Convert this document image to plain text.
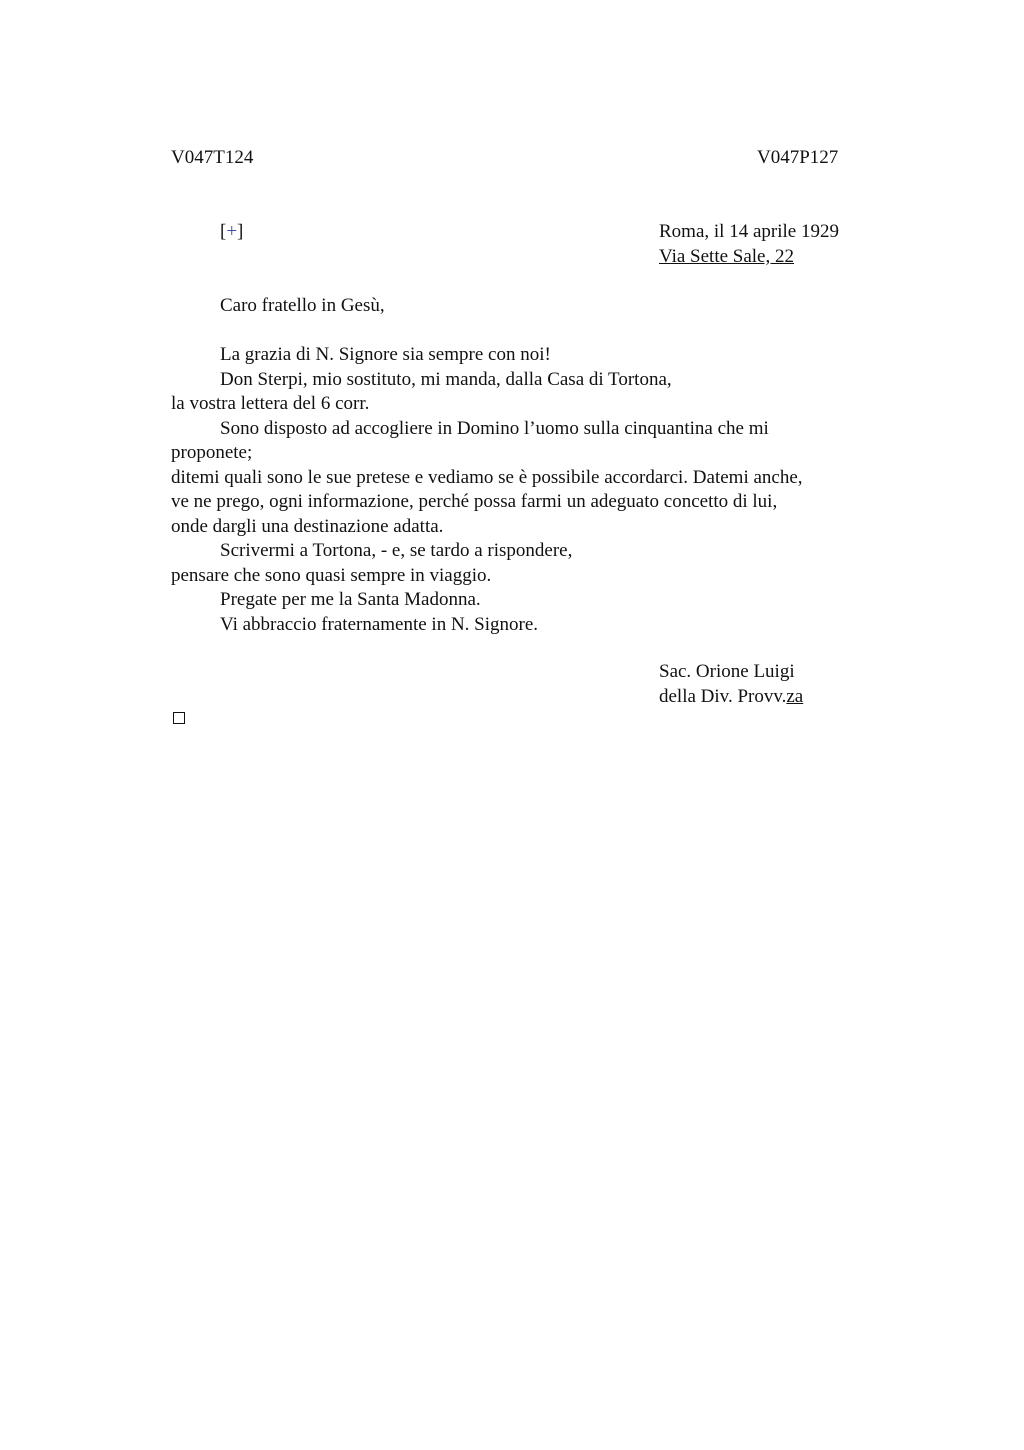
V047T124	V047P127
[+]	Roma, il 14 aprile 1929
Via Sette Sale, 22
Caro fratello in Gesù,
La grazia di N. Signore sia sempre con noi!
Don Sterpi, mio sostituto, mi manda, dalla Casa di Tortona,
la vostra lettera del 6 corr.
Sono disposto ad accogliere in Domino l’uomo sulla cinquantina che mi
proponete;
ditemi quali sono le sue pretese e vediamo se è possibile accordarci. Datemi anche,
ve ne prego, ogni informazione, perché possa farmi un adeguato concetto di lui,
onde dargli una destinazione adatta.
Scrivermi a Tortona, - e, se tardo a rispondere,
pensare che sono quasi sempre in viaggio.
Pregate per me la Santa Madonna.
Vi abbraccio fraternamente in N. Signore.
Sac. Orione Luigi
della Div. Provv.za
